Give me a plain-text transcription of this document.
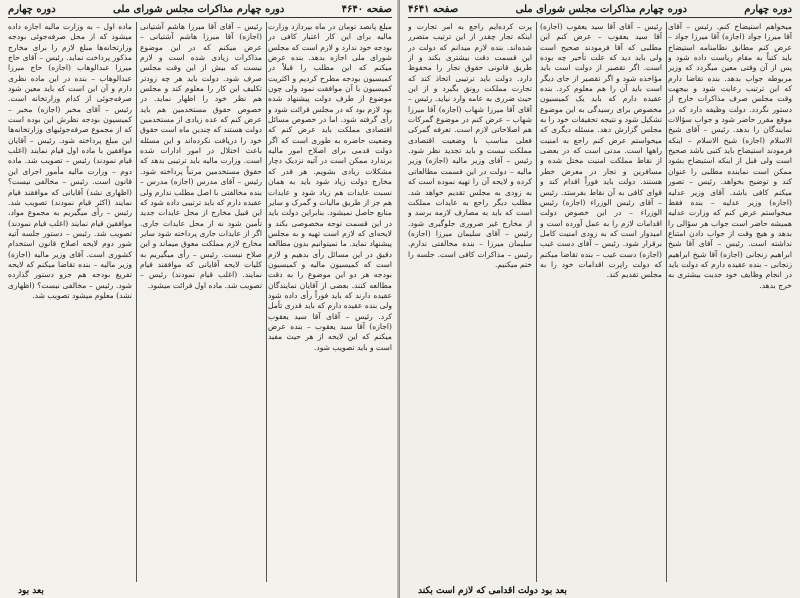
صفحه ۴۶۴۰
دوره چهارم مذاکرات مجلس شورای ملی
دوره چهارم

مبلغ پانصد تومان در ماه بپردازد وزارت مالیه برای این کار اعتبار کافی در بودجه خود ندارد و لازم است که مجلس شورای ملی اجازه بدهد. بنده عرض میکنم که این مطلب را قبلاً در کمیسیون بودجه مطرح کردیم و اکثریت کمیسیون با آن موافقت نمود ولی چون موضوع از طرف دولت پیشنهاد شده بود لازم بود که در مجلس قرائت شود و رأی گرفته شود. اما در خصوص مسائل اقتصادی مملکت باید عرض کنم که وضعیت حاضره به طوری است که اگر دولت قدمی برای اصلاح امور مالیه برندارد ممکن است در آتیه نزدیک دچار مشکلات زیادی بشویم. هر قدر که مخارج دولت زیاد شود باید به همان نسبت عایدات هم زیاد شود و عایدات هم جز از طریق مالیات و گمرک و سایر منابع حاصل نمیشود. بنابراین دولت باید در این قسمت توجه مخصوصی بکند و لایحه‌ای که لازم است تهیه و به مجلس پیشنهاد نماید. ما نمیتوانیم بدون مطالعه دقیق در این مسائل رأی بدهیم و لازم است که کمیسیون مالیه و کمیسیون بودجه هر دو این موضوع را به دقت مطالعه کنند. بعضی از آقایان نمایندگان عقیده دارند که باید فوراً رأی داده شود ولی بنده عقیده دارم که باید قدری تأمل کرد. رئیس – آقای آقا سید یعقوب (اجازه) آقا سید یعقوب – بنده عرض میکنم که این لایحه از هر حیث مفید است و باید تصویب شود.

رئیس – آقای آقا میرزا هاشم آشتیانی (اجازه) آقا میرزا هاشم آشتیانی – عرض میکنم که در این موضوع مذاکرات زیادی شده است و لازم نیست که بیش از این وقت مجلس صرف شود. دولت باید هر چه زودتر تکلیف این کار را معلوم کند و مجلس هم نظر خود را اظهار نماید. در خصوص حقوق مستخدمین هم باید عرض کنم که عده زیادی از مستخدمین دولت هستند که چندین ماه است حقوق خود را دریافت نکرده‌اند و این مسئله باعث اختلال در امور ادارات شده است. وزارت مالیه باید ترتیبی بدهد که حقوق مستخدمین مرتباً پرداخته شود. رئیس – آقای مدرس (اجازه) مدرس – بنده مخالفتی با اصل مطلب ندارم ولی عقیده دارم که باید ترتیبی داده شود که این قبیل مخارج از محل عایدات جدید تأمین شود نه از محل عایدات جاری. اگر از عایدات جاری پرداخته شود سایر مخارج لازم مملکت معوق میماند و این صلاح نیست. رئیس – رأی میگیریم به کلیات لایحه آقایانی که موافقند قیام نمایند. (اغلب قیام نمودند) رئیس – تصویب شد. ماده اول قرائت میشود.

ماده اول – به وزارت مالیه اجازه داده میشود که از محل صرفه‌جوئی بودجه وزارتخانه‌ها مبلغ لازم را برای مخارج مذکور پرداخت نماید. رئیس – آقای حاج میرزا عبدالوهاب (اجازه) حاج میرزا عبدالوهاب – بنده در این ماده نظری دارم و آن این است که باید معین شود صرفه‌جوئی از کدام وزارتخانه است. رئیس – آقای مخبر (اجازه) مخبر – کمیسیون بودجه نظرش این بوده است که از مجموع صرفه‌جوئیهای وزارتخانه‌ها این مبلغ پرداخته شود. رئیس – آقایان موافقین با ماده اول قیام نمایند (اغلب قیام نمودند) رئیس – تصویب شد. ماده دوم – وزارت مالیه مأمور اجرای این قانون است. رئیس – مخالفی نیست؟ (اظهاری نشد) آقایانی که موافقند قیام نمایند (اکثر قیام نمودند) تصویب شد. رئیس – رأی میگیریم به مجموع مواد، موافقین قیام نمایند (اغلب قیام نمودند) تصویب شد. رئیس – دستور جلسه آتیه شور دوم لایحه اصلاح قانون استخدام کشوری است. آقای وزیر مالیه (اجازه) وزیر مالیه – بنده تقاضا میکنم که لایحه تفریغ بودجه هم جزو دستور گذارده شود. رئیس – مخالفی نیست؟ (اظهاری نشد) معلوم میشود تصویب شد.

بعد بود
دوره چهارم
دوره چهارم مذاکرات مجلس شورای ملی
صفحه ۴۶۴۱

میخواهم استیضاح کنم. رئیس – آقای آقا میرزا جواد (اجازه) آقا میرزا جواد – عرض کنم مطابق نظامنامه استیضاح باید کتباً به مقام ریاست داده شود و پس از آن وقتی معین میگردد که وزیر مربوطه جواب بدهد. بنده تقاضا دارم که این ترتیب رعایت شود و بیجهت وقت مجلس صرف مذاکرات خارج از دستور نگردد. دولت وظیفه دارد که در موقع مقرر حاضر شود و جواب سؤالات نمایندگان را بدهد. رئیس – آقای شیخ الاسلام (اجازه) شیخ الاسلام – اینکه فرمودند استیضاح باید کتبی باشد صحیح است ولی قبل از اینکه استیضاح بشود ممکن است نماینده مطلبی را عنوان کند و توضیح بخواهد. رئیس – تصور میکنم کافی باشد. آقای وزیر عدلیه (اجازه) وزیر عدلیه – بنده فقط میخواستم عرض کنم که وزارت عدلیه همیشه حاضر است جواب هر سؤالی را بدهد و هیچ وقت از جواب دادن امتناع نداشته است. رئیس – آقای آقا شیخ ابراهیم زنجانی (اجازه) آقا شیخ ابراهیم زنجانی – بنده عقیده دارم که دولت باید در انجام وظایف خود جدیت بیشتری به خرج بدهد.

رئیس – آقای آقا سید یعقوب (اجازه) آقا سید یعقوب – عرض کنم این مطلبی که آقا فرمودند صحیح است ولی باید دید که علت تأخیر چه بوده است. اگر تقصیر از دولت است باید مؤاخذه شود و اگر تقصیر از جای دیگر است باید آن را هم معلوم کرد. بنده عقیده دارم که باید یک کمیسیون مخصوص برای رسیدگی به این موضوع تشکیل شود و نتیجه تحقیقات خود را به مجلس گزارش دهد. مسئله دیگری که میخواستم عرض کنم راجع به امنیت راهها است. مدتی است که در بعضی از نقاط مملکت امنیت مختل شده و مسافرین و تجار در معرض خطر هستند. دولت باید فوراً اقدام کند و قوای کافی به آن نقاط بفرستد. رئیس – آقای رئیس الوزراء (اجازه) رئیس الوزراء – در این خصوص دولت اقدامات لازم را به عمل آورده است و امیدوار است که به زودی امنیت کامل برقرار شود. رئیس – آقای دست غیب (اجازه) دست غیب – بنده تقاضا میکنم که دولت راپرت اقدامات خود را به مجلس تقدیم کند.

پرت کرده‌ایم راجع به امر تجارت و اینکه تجار چقدر از این ترتیب متضرر شده‌اند. بنده لازم میدانم که دولت در این قسمت دقت بیشتری بکند و از طریق قانونی حقوق تجار را محفوظ دارد. دولت باید ترتیبی اتخاذ کند که تجارت مملکت رونق بگیرد و از این حیث ضرری به عامه وارد نیاید. رئیس – آقای آقا میرزا شهاب (اجازه) آقا میرزا شهاب – عرض کنم در موضوع گمرکات هم اصلاحاتی لازم است. تعرفه گمرکی فعلی مناسب با وضعیت اقتصادی مملکت نیست و باید تجدید نظر شود. رئیس – آقای وزیر مالیه (اجازه) وزیر مالیه – دولت در این قسمت مطالعاتی کرده و لایحه آن را تهیه نموده است که به زودی به مجلس تقدیم خواهد شد. مطلب دیگر راجع به عایدات مملکت است که باید به مصارف لازمه برسد و از مخارج غیر ضروری جلوگیری شود. رئیس – آقای سلیمان میرزا (اجازه) سلیمان میرزا – بنده مخالفتی ندارم. رئیس – مذاکرات کافی است. جلسه را ختم میکنیم.

بعد بود دولت اقدامی که لازم است بکند
